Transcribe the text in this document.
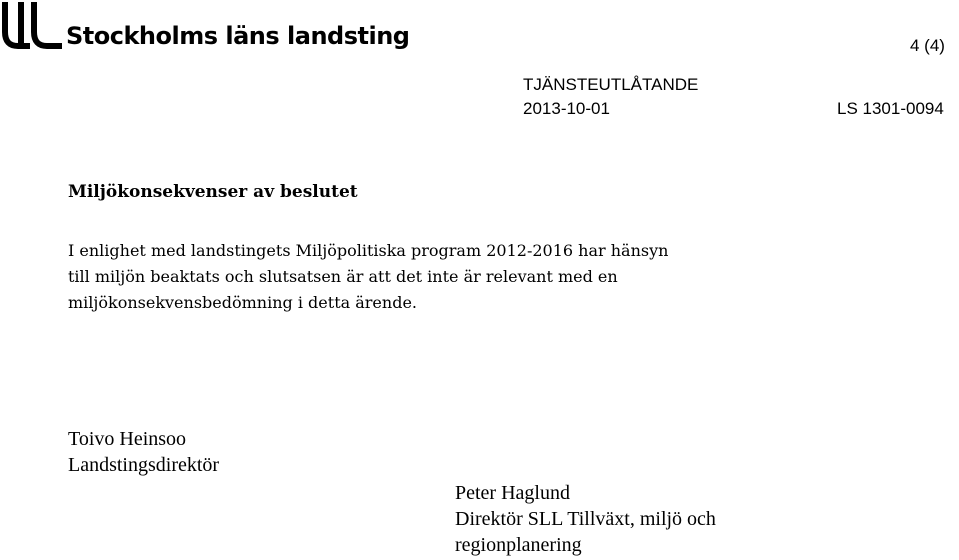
Stockholms läns landsting	4 (4)
TJÄNSTEUTLÅTANDE
2013-10-01	LS 1301-0094
Miljökonsekvenser av beslutet
I enlighet med landstingets Miljöpolitiska program 2012-2016 har hänsyn
till miljön beaktats och slutsatsen är att det inte är relevant med en
miljökonsekvensbedömning i detta ärende.
Toivo Heinsoo
Landstingsdirektör
Peter Haglund
Direktör SLL Tillväxt, miljö och
regionplanering
